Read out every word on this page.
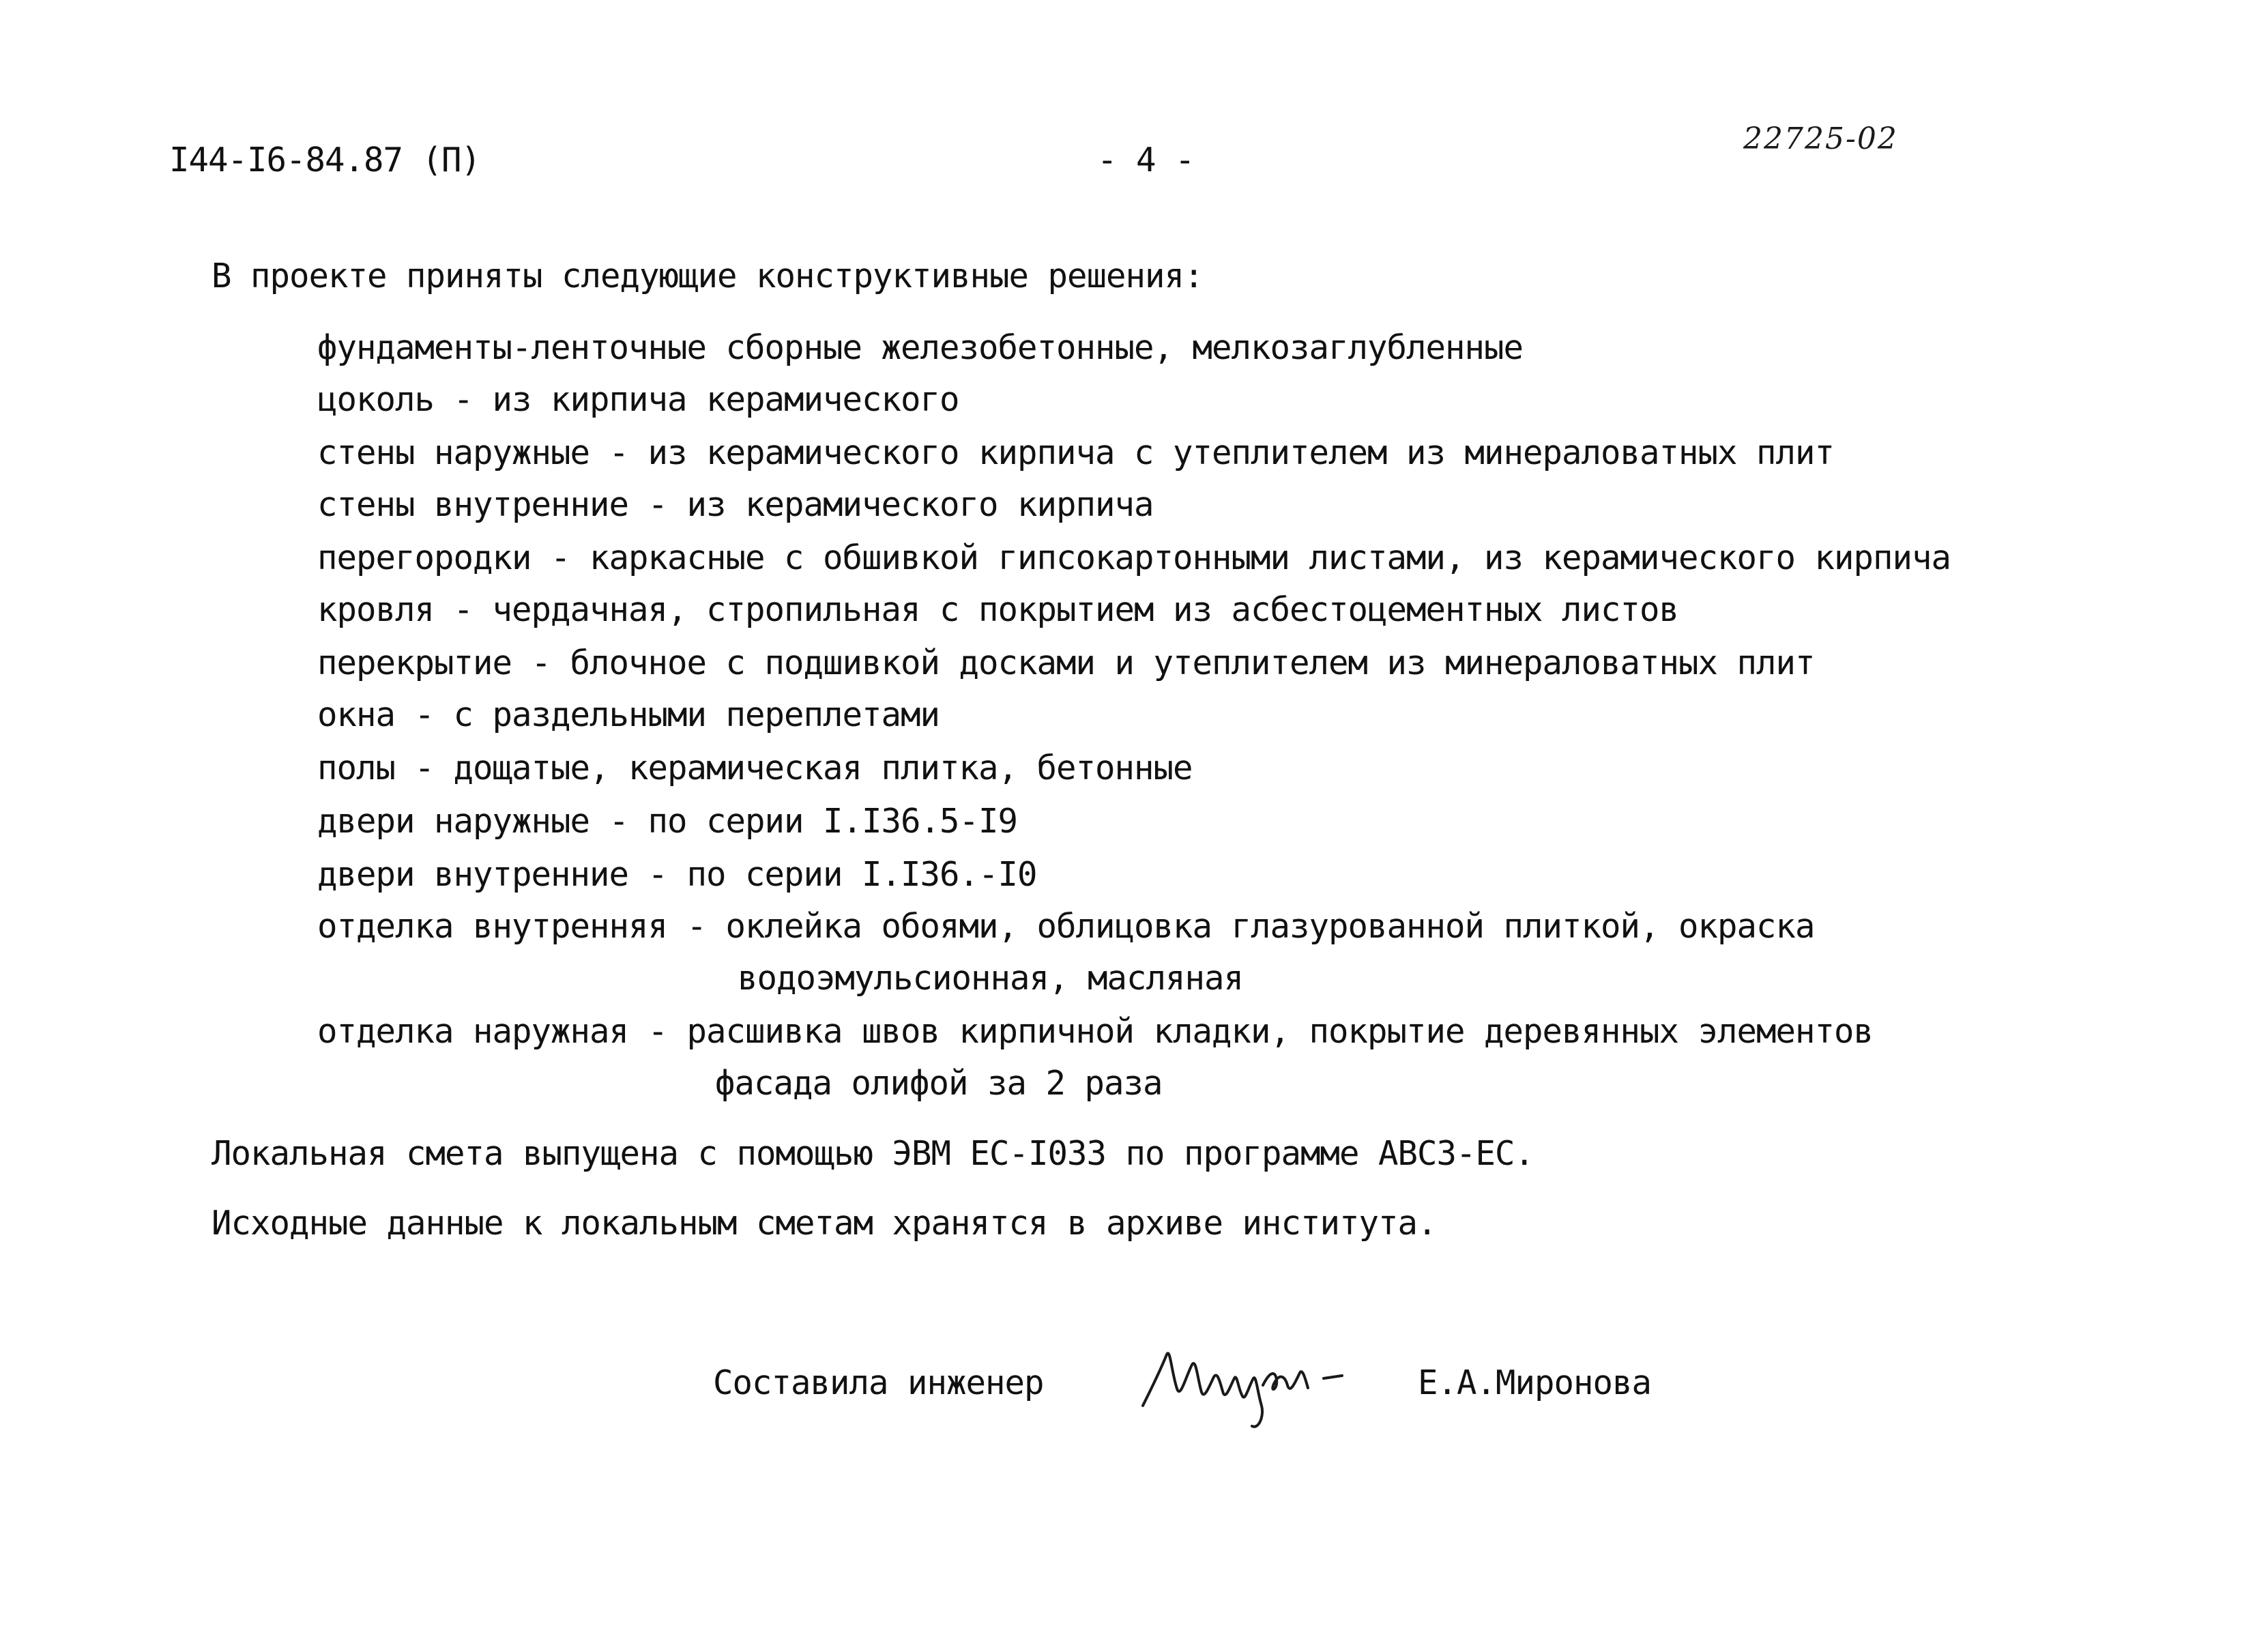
I44-I6-84.87 (П)	- 4 -
22725-02
В проекте приняты следующие конструктивные решения:
фундаменты-ленточные сборные железобетонные, мелкозаглубленные
цоколь - из кирпича керамического
стены наружные - из керамического кирпича с утеплителем из минераловатных плит
стены внутренние - из керамического кирпича
перегородки - каркасные с обшивкой гипсокартонными листами, из керамического кирпича
кровля - чердачная, стропильная с покрытием из асбестоцементных листов
перекрытие - блочное с подшивкой досками и утеплителем из минераловатных плит
окна - с раздельными переплетами
полы - дощатые, керамическая плитка, бетонные
двери наружные - по серии I.I36.5-I9
двери внутренние - по серии I.I36.-I0
отделка внутренняя - оклейка обоями, облицовка глазурованной плиткой, окраска
водоэмульсионная, масляная
отделка наружная - расшивка швов кирпичной кладки, покрытие деревянных элементов
фасада олифой за 2 раза
Локальная смета выпущена с помощью ЭВМ ЕС-I033 по программе АВС3-ЕС.
Исходные данные к локальным сметам хранятся в архиве института.
Составила инженер	Е.А.Миронова
